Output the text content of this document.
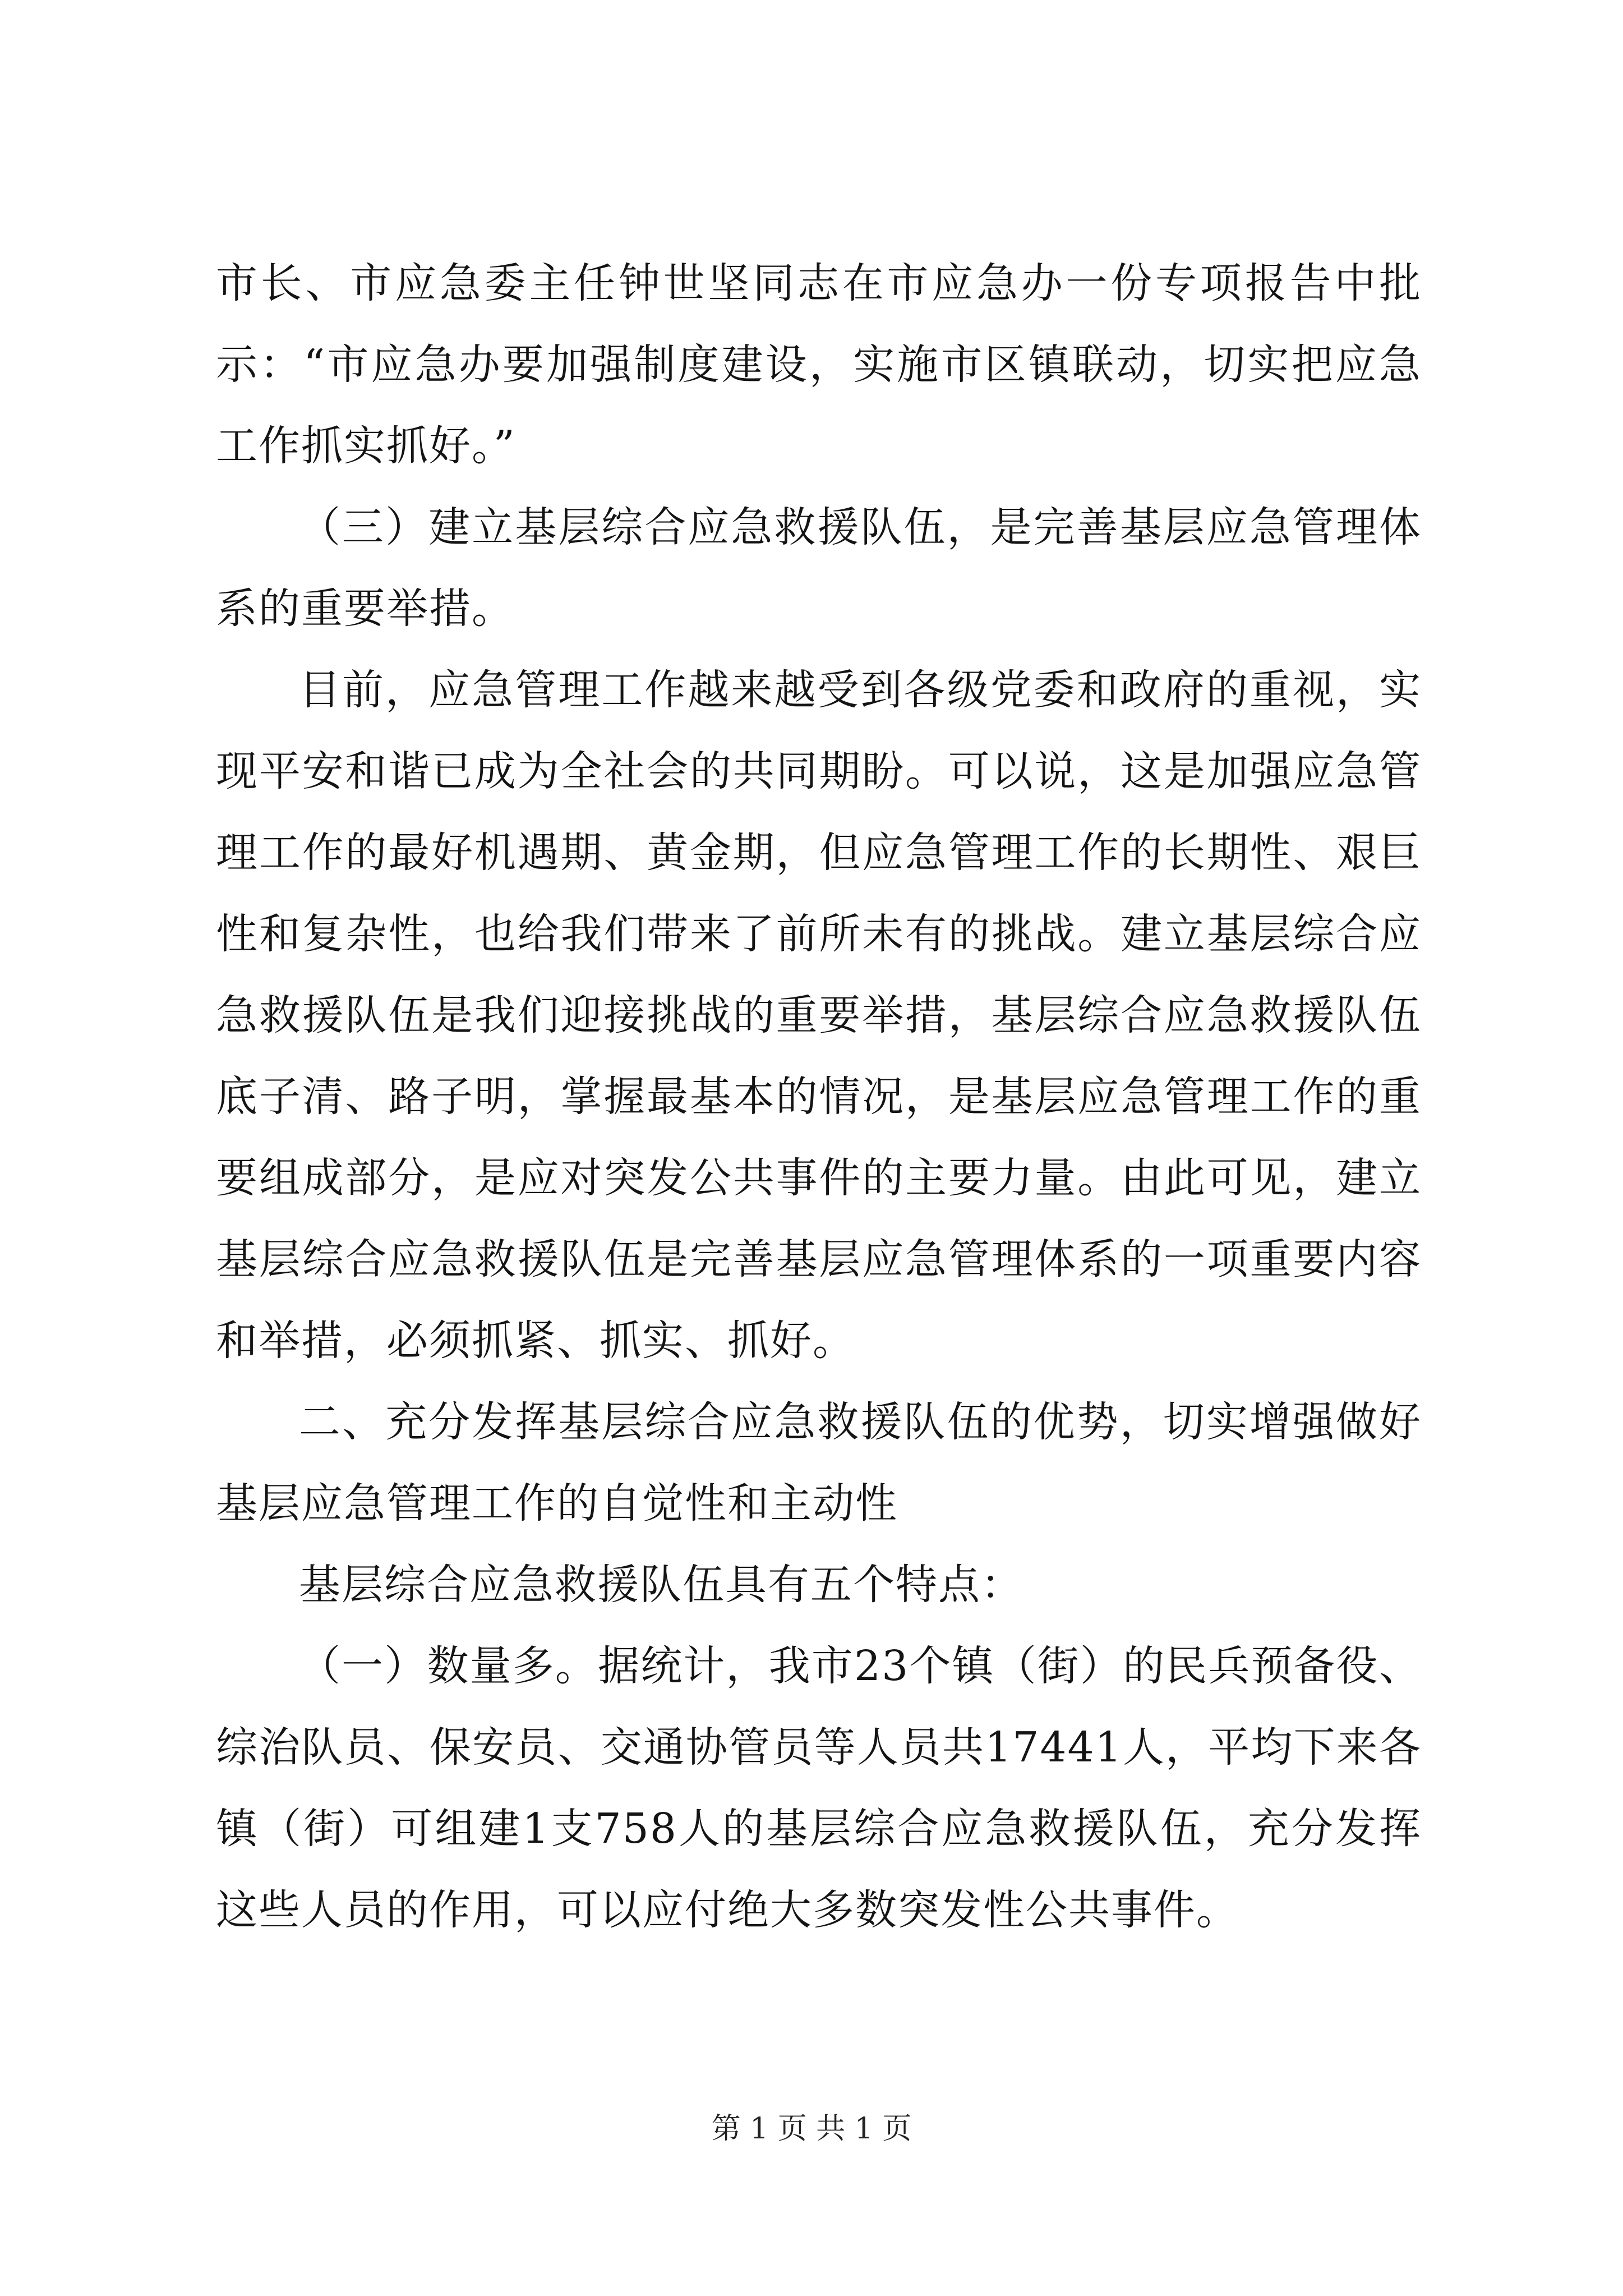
市长、市应急委主任钟世坚同志在市应急办一份专项报告中批示：“市应急办要加强制度建设，实施市区镇联动，切实把应急工作抓实抓好。”

（三）建立基层综合应急救援队伍，是完善基层应急管理体系的重要举措。

目前，应急管理工作越来越受到各级党委和政府的重视，实现平安和谐已成为全社会的共同期盼。可以说，这是加强应急管理工作的最好机遇期、黄金期，但应急管理工作的长期性、艰巨性和复杂性，也给我们带来了前所未有的挑战。建立基层综合应急救援队伍是我们迎接挑战的重要举措，基层综合应急救援队伍底子清、路子明，掌握最基本的情况，是基层应急管理工作的重要组成部分，是应对突发公共事件的主要力量。由此可见，建立基层综合应急救援队伍是完善基层应急管理体系的一项重要内容和举措，必须抓紧、抓实、抓好。

二、充分发挥基层综合应急救援队伍的优势，切实增强做好基层应急管理工作的自觉性和主动性

基层综合应急救援队伍具有五个特点：

（一）数量多。据统计，我市23个镇（街）的民兵预备役、综治队员、保安员、交通协管员等人员共17441人，平均下来各镇（街）可组建1支758人的基层综合应急救援队伍，充分发挥这些人员的作用，可以应付绝大多数突发性公共事件。

第 1 页 共 1 页
